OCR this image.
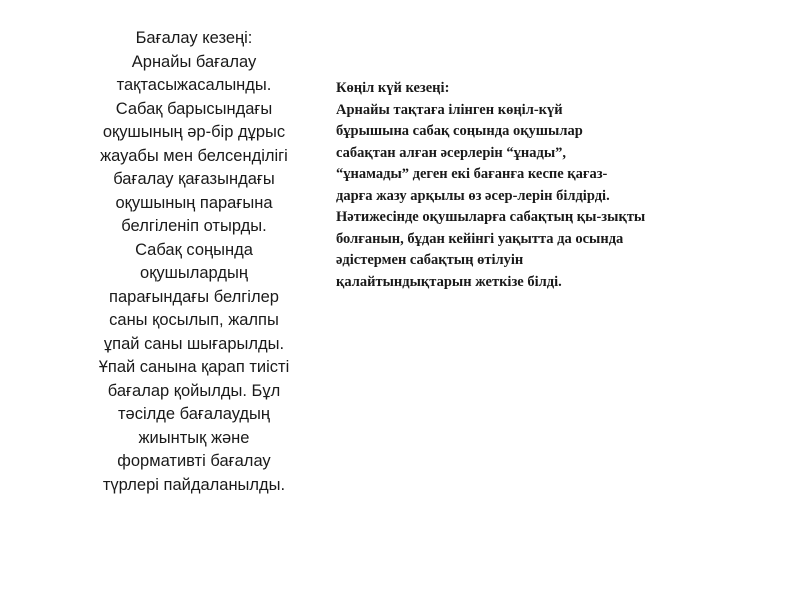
Бағалау кезеңі:
Арнайы бағалау
тақтасыжасалынды.
Сабақ барысындағы
оқушының әр-бір дұрыс
жауабы мен белсенділігі
бағалау қағазындағы
оқушының парағына
белгіленіп отырды.
Сабақ соңында
оқушылардың
парағындағы белгілер
саны қосылып, жалпы
ұпай саны шығарылды.
Ұпай санына қарап тиісті
бағалар қойылды. Бұл
тәсілде бағалаудың
жиынтық және
формативті бағалау
түрлері пайдаланылды.
Көңіл күй кезеңі:
Арнайы тақтаға ілінген көңіл-күй
бұрышына сабақ соңында оқушылар
сабақтан алған әсерлерін “ұнады”,
“ұнамады” деген екі бағанға кеспе қағаз-
дарға жазу арқылы өз әсер-лерін білдірді.
Нәтижесінде оқушыларға сабақтың қы-зықты
болғанын, бұдан кейінгі уақытта да осында
әдістермен сабақтың өтілуін
қалайтындықтарын жеткізе білді.
